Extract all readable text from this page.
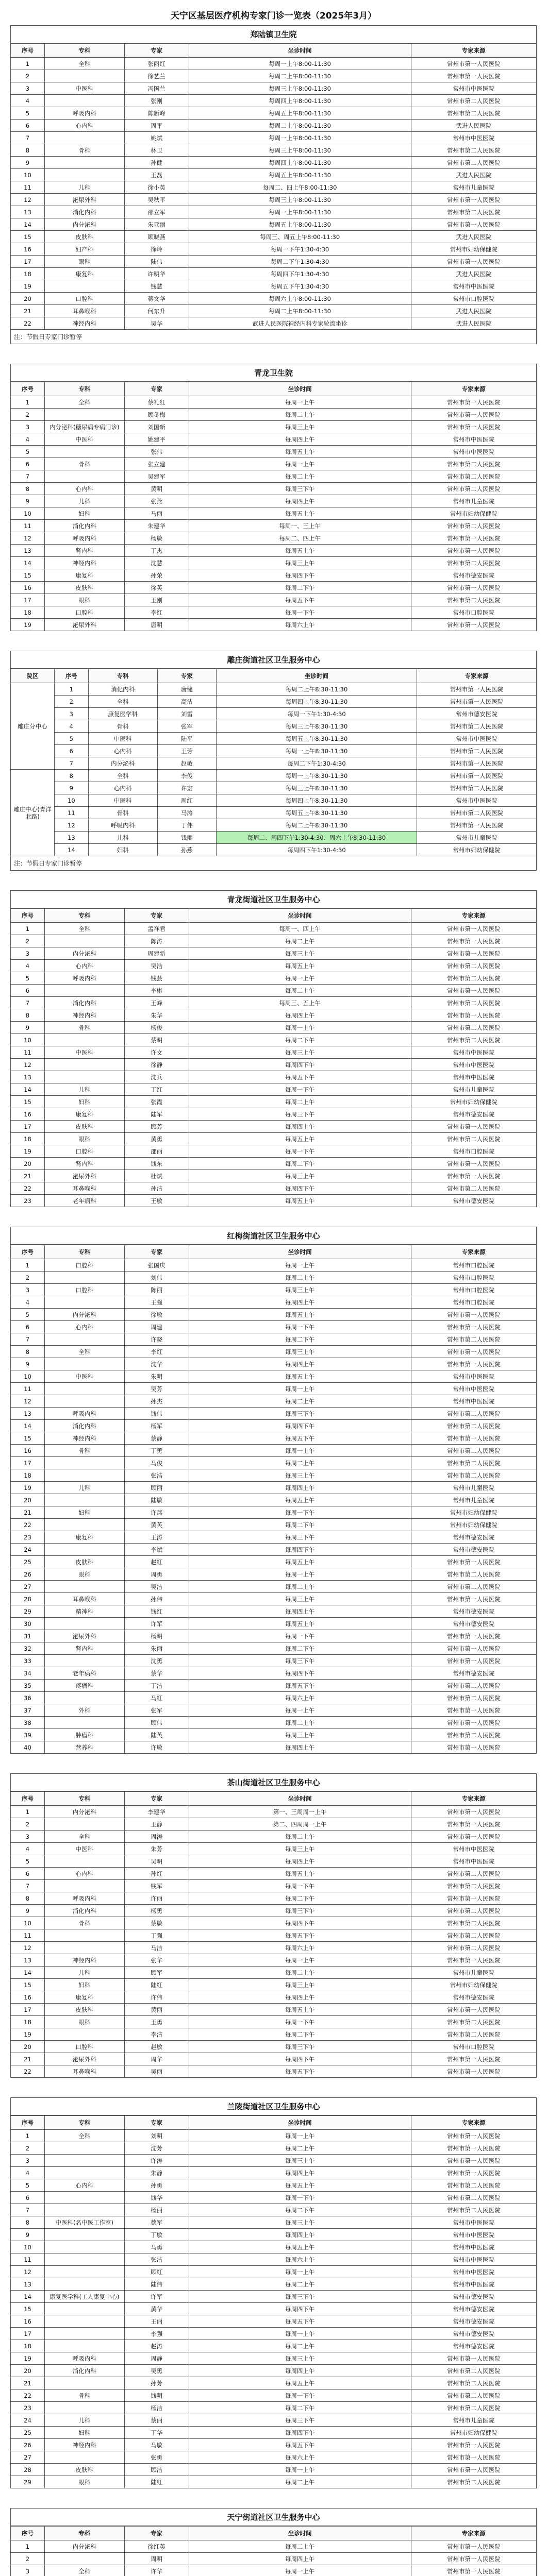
天宁区基层医疗机构专家门诊一览表（2025年3月）
郑陆镇卫生院
序号	专科	专家	坐诊时间	专家来源
1	全科	张丽红	每周一上午8:00-11:30	常州市第一人民医院
2		徐艺兰	每周二上午8:00-11:30	常州市第一人民医院
3	中医科	冯国兰	每周三上午8:00-11:30	常州市中医医院
4		张刚	每周四上午8:00-11:30	常州市第二人民医院
5	呼吸内科	陈新峰	每周五上午8:00-11:30	常州市第二人民医院
6	心内科	周平	每周二上午8:00-11:30	武进人民医院
7		姚斌	每周一上午8:00-11:30	常州市中医医院
8	骨科	林卫	每周三上午8:00-11:30	常州市第二人民医院
9		孙健	每周四上午8:00-11:30	常州市第二人民医院
10		王磊	每周五上午8:00-11:30	武进人民医院
11	儿科	徐小英	每周二、四上午8:00-11:30	常州市儿童医院
12	泌尿外科	吴秋平	每周三上午8:00-11:30	常州市第一人民医院
13	消化内科	邵立军	每周一上午8:00-11:30	常州市第二人民医院
14	内分泌科	朱亚丽	每周五上午8:00-11:30	常州市第一人民医院
15	皮肤科	顾晓燕	每周三、周五上午8:00-11:30	武进人民医院
16	妇产科	徐玲	每周一下午1:30-4:30	常州市妇幼保健院
17	眼科	陆伟	每周二下午1:30-4:30	常州市第一人民医院
18	康复科	许明华	每周四下午1:30-4:30	武进人民医院
19		钱慧	每周五下午1:30-4:30	常州市中医医院
20	口腔科	蒋文华	每周六上午8:00-11:30	常州市口腔医院
21	耳鼻喉科	何东升	每周二上午8:00-11:30	武进人民医院
22	神经内科	吴华	武进人民医院神经内科专家轮流坐诊	武进人民医院
注：节假日专家门诊暂停
青龙卫生院
序号	专科	专家	坐诊时间	专家来源
1	全科	蔡礼红	每周一上午	常州市第一人民医院
2		顾冬梅	每周二上午	常州市第一人民医院
3	内分泌科(糖尿病专病门诊)	刘国新	每周三上午	常州市第一人民医院
4	中医科	姚建平	每周四上午	常州市中医医院
5		张伟	每周五上午	常州市中医医院
6	骨科	张立建	每周一上午	常州市第二人民医院
7		吴建军	每周二上午	常州市第二人民医院
8	心内科	黄明	每周三下午	常州市第二人民医院
9	儿科	张燕	每周四上午	常州市儿童医院
10	妇科	马丽	每周五上午	常州市妇幼保健院
11	消化内科	朱建华	每周一、三上午	常州市第二人民医院
12	呼吸内科	杨敏	每周二、四上午	常州市第一人民医院
13	肾内科	丁杰	每周五上午	常州市第一人民医院
14	神经内科	沈慧	每周三上午	常州市第二人民医院
15	康复科	孙荣	每周四下午	常州市德安医院
16	皮肤科	徐英	每周二下午	常州市第一人民医院
17	眼科	王刚	每周五下午	常州市第二人民医院
18	口腔科	李红	每周一下午	常州市口腔医院
19	泌尿外科	唐明	每周六上午	常州市第一人民医院
雕庄街道社区卫生服务中心
院区	序号	专科	专家	坐诊时间	专家来源
雕庄分中心	1	消化内科	唐健	每周二上午8:30-11:30	常州市第一人民医院
	2	全科	高洁	每周四上午8:30-11:30	常州市第一人民医院
	3	康复医学科	刘雷	每周一下午1:30-4:30	常州市德安医院
	4	骨科	张军	每周三上午8:30-11:30	常州市第二人民医院
	5	中医科	陆平	每周五上午8:30-11:30	常州市中医医院
	6	心内科	王芳	每周一上午8:30-11:30	常州市第二人民医院
	7	内分泌科	赵敏	每周二下午1:30-4:30	常州市第一人民医院
雕庄中心(青洋北路)	8	全科	李俊	每周一上午8:30-11:30	常州市第一人民医院
	9	心内科	许宏	每周三上午8:30-11:30	常州市第二人民医院
	10	中医科	周红	每周四上午8:30-11:30	常州市中医医院
	11	骨科	马涛	每周五上午8:30-11:30	常州市第二人民医院
	12	呼吸内科	丁伟	每周二上午8:30-11:30	常州市第一人民医院
	13	儿科	钱丽	每周二、周四下午1:30-4:30、周六上午8:30-11:30	常州市儿童医院
	14	妇科	孙燕	每周四下午1:30-4:30	常州市妇幼保健院
注：节假日专家门诊暂停
青龙街道社区卫生服务中心
序号	专科	专家	坐诊时间	专家来源
1	全科	孟祥君	每周一、四上午	常州市第一人民医院
2		陈涛	每周二上午	常州市第一人民医院
3	内分泌科	周建新	每周三上午	常州市第一人民医院
4	心内科	吴浩	每周五上午	常州市第二人民医院
5	呼吸内科	钱芸	每周一上午	常州市第二人民医院
6		李彬	每周二上午	常州市第一人民医院
7	消化内科	王峰	每周三、五上午	常州市第二人民医院
8	神经内科	朱华	每周四上午	常州市第一人民医院
9	骨科	杨俊	每周一上午	常州市第二人民医院
10		蔡明	每周二下午	常州市第二人民医院
11	中医科	许文	每周三上午	常州市中医医院
12		徐静	每周四下午	常州市中医医院
13		沈兵	每周五下午	常州市中医医院
14	儿科	丁红	每周一下午	常州市儿童医院
15	妇科	张霞	每周二上午	常州市妇幼保健院
16	康复科	陆军	每周三下午	常州市德安医院
17	皮肤科	顾芳	每周四上午	常州市第一人民医院
18	眼科	黄勇	每周五上午	常州市第二人民医院
19	口腔科	邵丽	每周一下午	常州市口腔医院
20	肾内科	钱东	每周二下午	常州市第一人民医院
21	泌尿外科	杜斌	每周三上午	常州市第一人民医院
22	耳鼻喉科	孙洁	每周四下午	常州市第二人民医院
23	老年病科	王敏	每周五上午	常州市德安医院
红梅街道社区卫生服务中心
序号	专科	专家	坐诊时间	专家来源
1	口腔科	张国庆	每周一上午	常州市口腔医院
2		刘伟	每周二上午	常州市口腔医院
3	口腔科	陈丽	每周三上午	常州市口腔医院
4		王强	每周四上午	常州市口腔医院
5	内分泌科	徐敏	每周五上午	常州市第一人民医院
6	心内科	周建	每周一下午	常州市第一人民医院
7		许晓	每周二下午	常州市第二人民医院
8	全科	李红	每周三上午	常州市第一人民医院
9		沈华	每周四上午	常州市第一人民医院
10	中医科	朱明	每周五上午	常州市中医医院
11		吴芳	每周一上午	常州市中医医院
12		孙杰	每周二上午	常州市中医医院
13	呼吸内科	钱伟	每周三下午	常州市第二人民医院
14	消化内科	杨军	每周四下午	常州市第二人民医院
15	神经内科	蔡静	每周五下午	常州市第一人民医院
16	骨科	丁勇	每周一上午	常州市第二人民医院
17		马俊	每周二上午	常州市第二人民医院
18		张浩	每周三上午	常州市第二人民医院
19	儿科	顾丽	每周四上午	常州市儿童医院
20		陆敏	每周五上午	常州市儿童医院
21	妇科	许燕	每周一下午	常州市妇幼保健院
22		黄英	每周二下午	常州市妇幼保健院
23	康复科	王涛	每周三下午	常州市德安医院
24		李斌	每周四下午	常州市德安医院
25	皮肤科	赵红	每周五上午	常州市第一人民医院
26	眼科	周勇	每周一上午	常州市第二人民医院
27		吴洁	每周二上午	常州市第二人民医院
28	耳鼻喉科	孙伟	每周三上午	常州市第一人民医院
29	精神科	钱红	每周四上午	常州市德安医院
30		许军	每周五上午	常州市德安医院
31	泌尿外科	杨明	每周一下午	常州市第一人民医院
32	肾内科	朱丽	每周二下午	常州市第一人民医院
33		沈勇	每周三下午	常州市第一人民医院
34	老年病科	蔡华	每周四下午	常州市德安医院
35	疼痛科	丁洁	每周五下午	常州市第二人民医院
36		马红	每周六上午	常州市第二人民医院
37	外科	张军	每周一上午	常州市第一人民医院
38		顾伟	每周二上午	常州市第一人民医院
39	肿瘤科	陆英	每周三上午	常州市第二人民医院
40	营养科	许敏	每周四上午	常州市第一人民医院
茶山街道社区卫生服务中心
序号	专科	专家	坐诊时间	专家来源
1	内分泌科	李建华	第一、三周周一上午	常州市第一人民医院
2		王静	第二、四周周一上午	常州市第一人民医院
3	全科	周涛	每周二上午	常州市第一人民医院
4	中医科	朱芳	每周三上午	常州市中医医院
5		吴明	每周四上午	常州市中医医院
6	心内科	孙红	每周五上午	常州市第二人民医院
7		钱军	每周一下午	常州市第二人民医院
8	呼吸内科	许丽	每周二下午	常州市第一人民医院
9	消化内科	杨勇	每周三下午	常州市第二人民医院
10	骨科	蔡敏	每周四下午	常州市第二人民医院
11		丁强	每周五下午	常州市第二人民医院
12		马洁	每周六上午	常州市第二人民医院
13	神经内科	张华	每周一上午	常州市第一人民医院
14	儿科	顾军	每周二上午	常州市儿童医院
15	妇科	陆红	每周三上午	常州市妇幼保健院
16	康复科	许伟	每周四上午	常州市德安医院
17	皮肤科	黄丽	每周五上午	常州市第一人民医院
18	眼科	王勇	每周一下午	常州市第二人民医院
19		李洁	每周二下午	常州市第二人民医院
20	口腔科	赵敏	每周三下午	常州市口腔医院
21	泌尿外科	周华	每周四下午	常州市第一人民医院
22	耳鼻喉科	吴丽	每周五下午	常州市第一人民医院
兰陵街道社区卫生服务中心
序号	专科	专家	坐诊时间	专家来源
1	全科	刘明	每周一上午	常州市第一人民医院
2		沈芳	每周二上午	常州市第一人民医院
3		许涛	每周三上午	常州市第一人民医院
4		朱静	每周四上午	常州市第一人民医院
5	心内科	孙勇	每周五上午	常州市第二人民医院
6		钱华	每周一下午	常州市第二人民医院
7		杨丽	每周二下午	常州市第二人民医院
8	中医科(名中医工作室)	蔡军	每周三上午	常州市中医医院
9		丁敏	每周四上午	常州市中医医院
10		马勇	每周五上午	常州市中医医院
11		张洁	每周六上午	常州市中医医院
12		顾红	每周一上午	常州市中医医院
13		陆伟	每周二上午	常州市中医医院
14	康复医学科(工人康复中心)	许军	每周三下午	常州市德安医院
15		黄华	每周四下午	常州市德安医院
16		王丽	每周五下午	常州市德安医院
17		李强	每周一上午	常州市德安医院
18		赵涛	每周二上午	常州市德安医院
19	呼吸内科	周静	每周三上午	常州市第一人民医院
20	消化内科	吴勇	每周四上午	常州市第二人民医院
21		孙芳	每周五上午	常州市第二人民医院
22	骨科	钱明	每周一下午	常州市第二人民医院
23		杨洁	每周二下午	常州市第二人民医院
24	儿科	蔡丽	每周三下午	常州市儿童医院
25	妇科	丁华	每周四下午	常州市妇幼保健院
26	神经内科	马敏	每周五下午	常州市第一人民医院
27		张勇	每周六上午	常州市第一人民医院
28	皮肤科	顾洁	每周一上午	常州市第一人民医院
29	眼科	陆红	每周二上午	常州市第二人民医院
天宁街道社区卫生服务中心
序号	专科	专家	坐诊时间	专家来源
1	内分泌科	徐红英	每周二上午	常州市第一人民医院
2		周明	每周四上午	常州市第一人民医院
3	全科	许华	每周一上午	常州市第一人民医院
